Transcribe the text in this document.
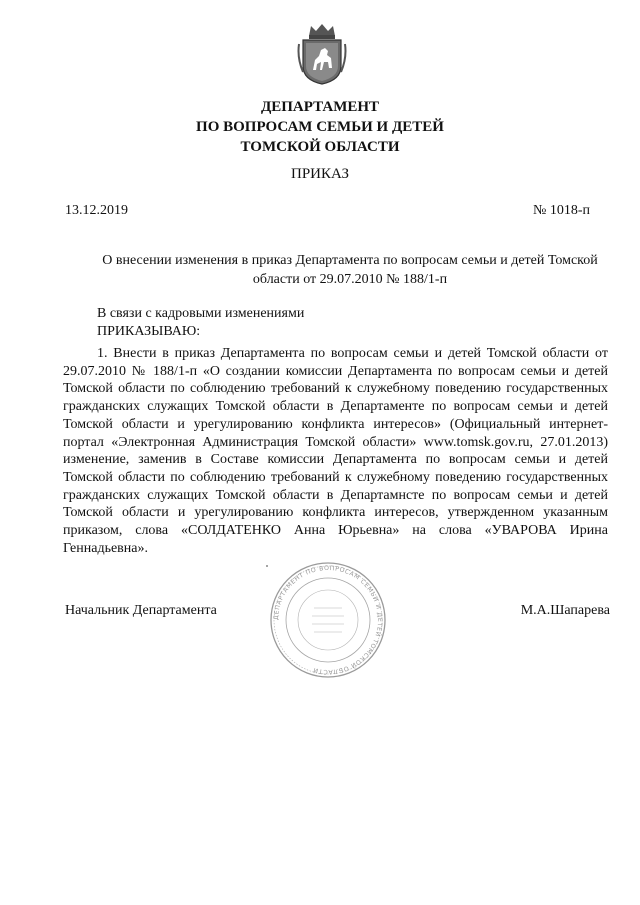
ДЕПАРТАМЕНТ
ПО ВОПРОСАМ СЕМЬИ И ДЕТЕЙ
ТОМСКОЙ ОБЛАСТИ
ПРИКАЗ
13.12.2019	№ 1018-п
О внесении изменения в приказ Департамента по вопросам семьи и детей Томской
области от 29.07.2010 № 188/1-п
В связи с кадровыми изменениями
ПРИКАЗЫВАЮ:

1. Внести в приказ Департамента по вопросам семьи и детей Томской области от 29.07.2010 № 188/1-п «О создании комиссии Департамента по вопросам семьи и детей Томской области по соблюдению требований к служебному поведению государственных гражданских служащих Томской области в Департаменте по вопросам семьи и детей Томской области и урегулированию конфликта интересов» (Официальный интернет-портал «Электронная Администрация Томской области» www.tomsk.gov.ru, 27.01.2013) изменение, заменив в Составе комиссии Департамента по вопросам семьи и детей Томской области по соблюдению требований к служебному поведению государственных гражданских служащих Томской области в Департамнсте по вопросам семьи и детей Томской области и урегулированию конфликта интересов, утвержденном указанным приказом, слова «СОЛДАТЕНКО Анна Юрьевна» на слова «УВАРОВА Ирина Геннадьевна».

Начальник Департамента	М.А.Шапарева
ДЕПАРТАМЕНТ ПО ВОПРОСАМ СЕМЬИ И ДЕТЕЙ ТОМСКОЙ ОБЛАСТИ
